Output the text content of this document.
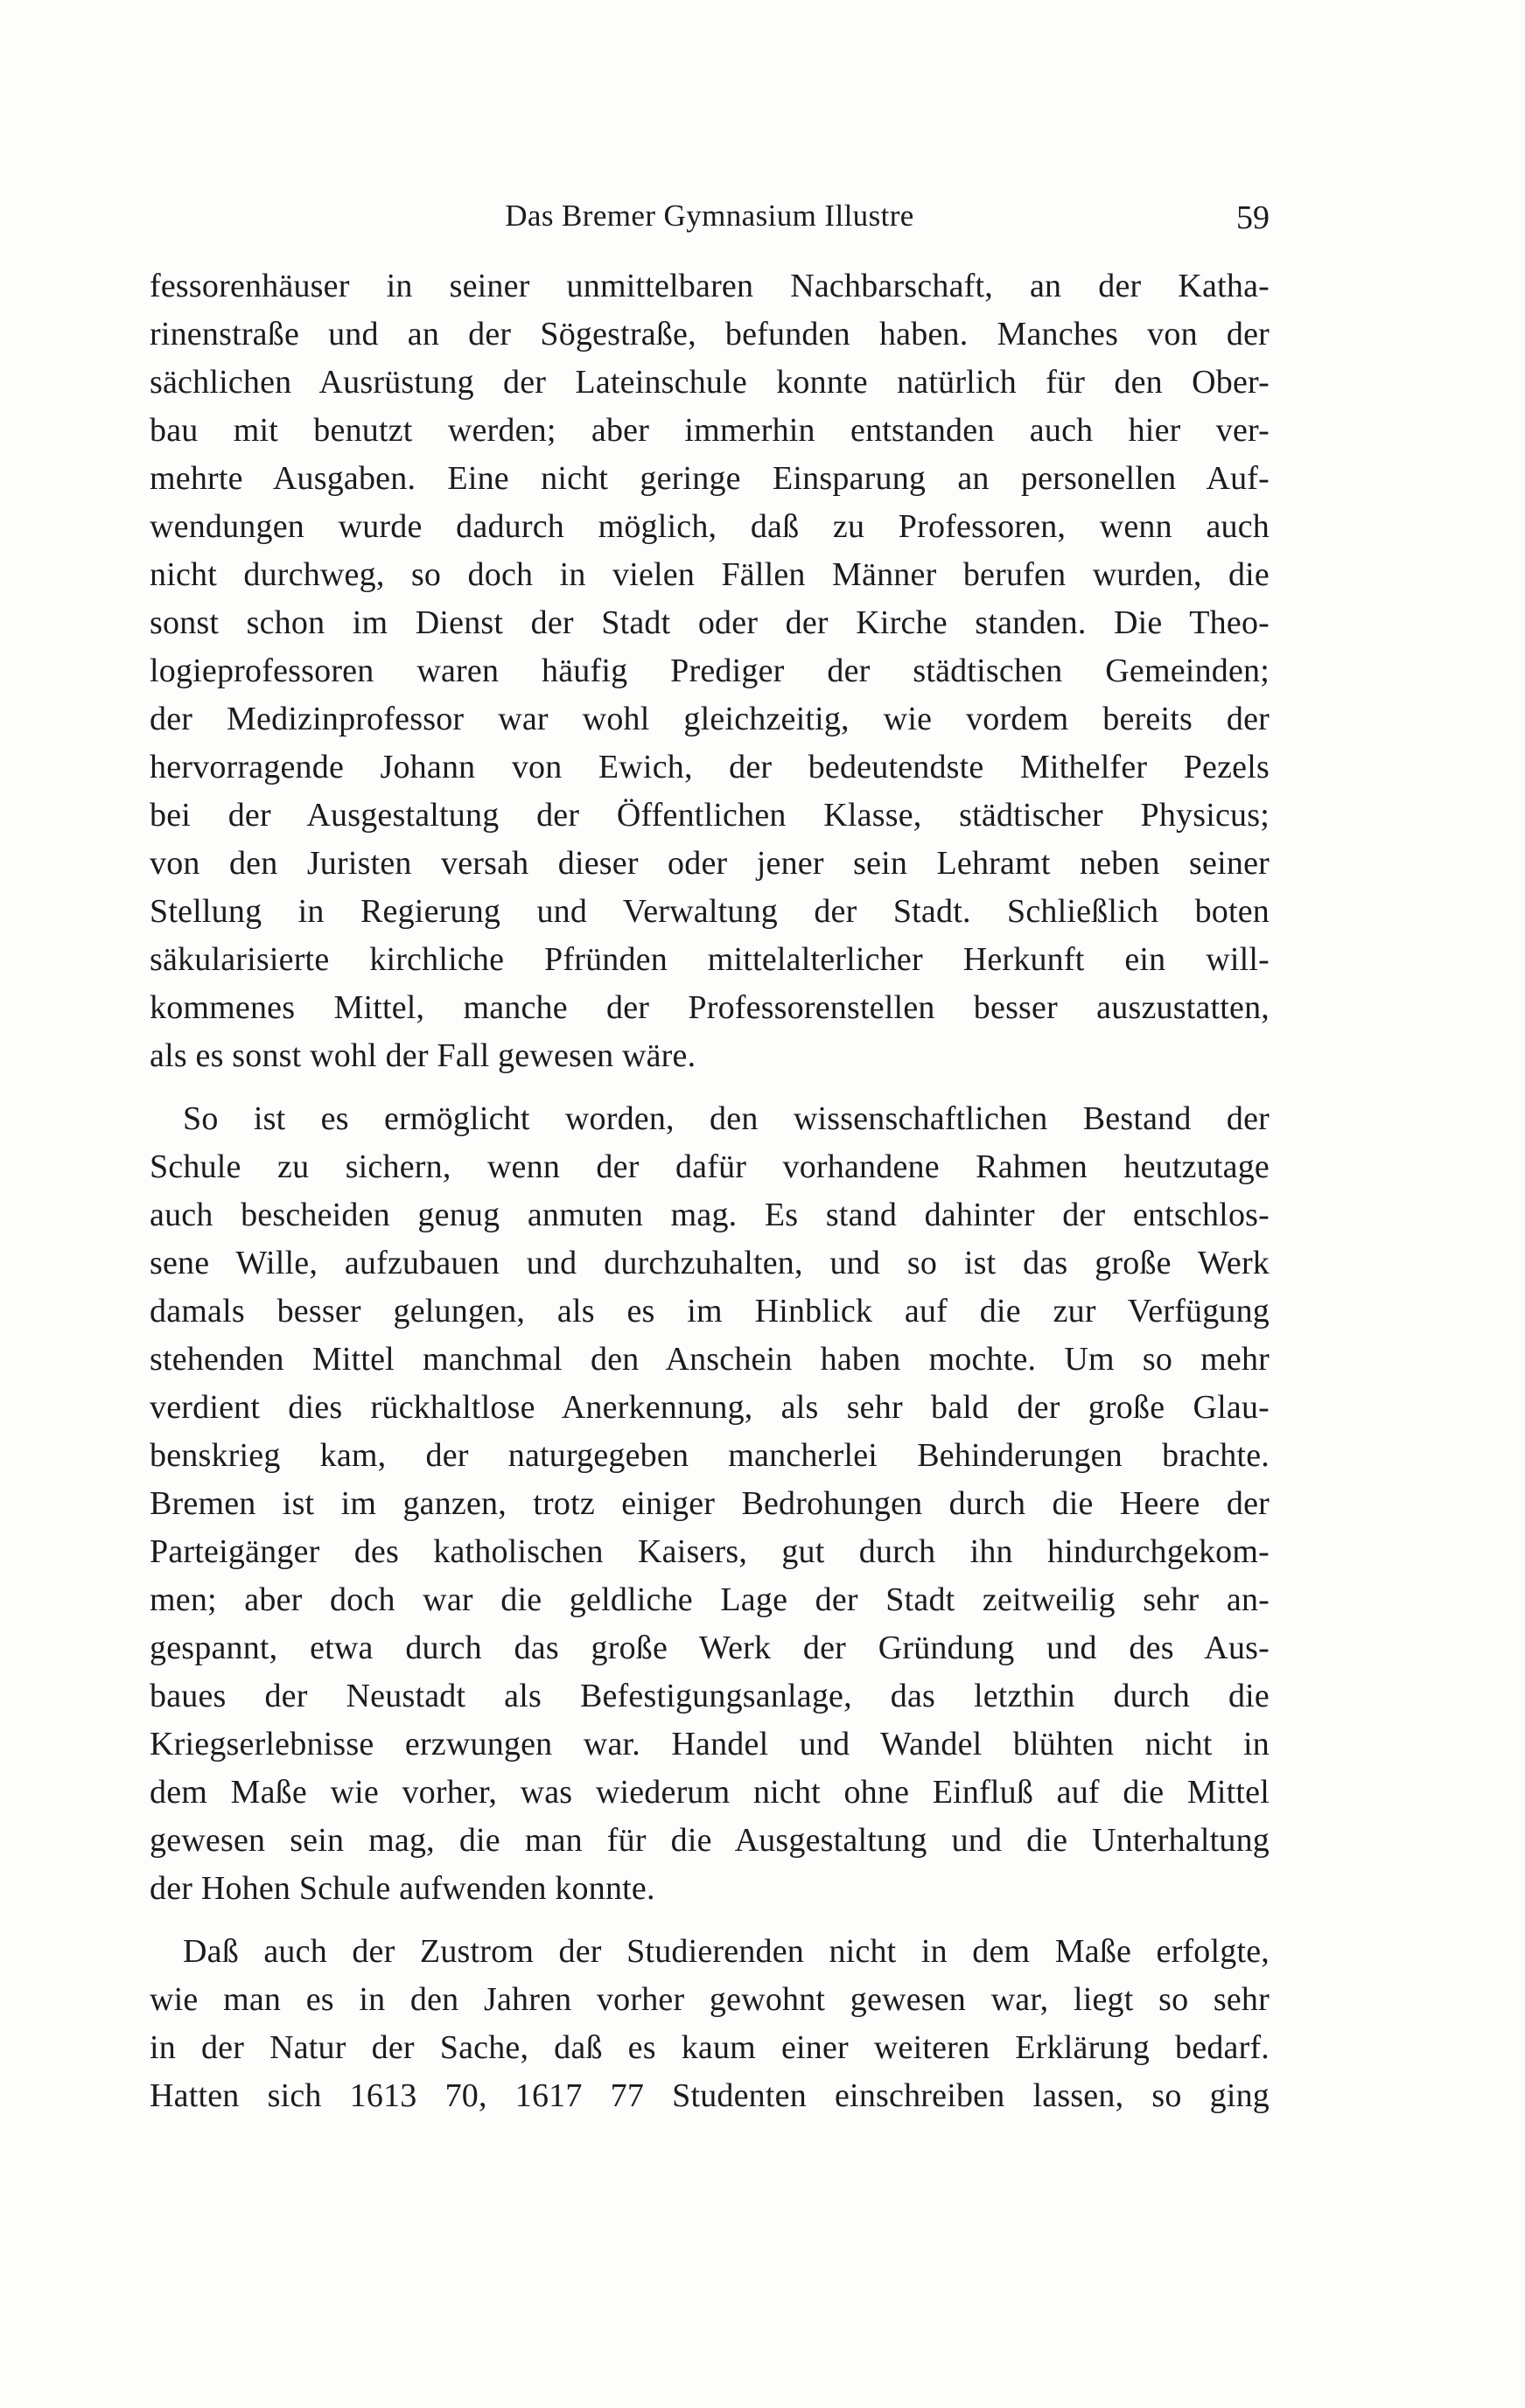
Das Bremer Gymnasium Illustre	59
fessorenhäuser in seiner unmittelbaren Nachbarschaft, an der Katha-
rinenstraße und an der Sögestraße, befunden haben. Manches von der
sächlichen Ausrüstung der Lateinschule konnte natürlich für den Ober-
bau mit benutzt werden; aber immerhin entstanden auch hier ver-
mehrte Ausgaben. Eine nicht geringe Einsparung an personellen Auf-
wendungen wurde dadurch möglich, daß zu Professoren, wenn auch
nicht durchweg, so doch in vielen Fällen Männer berufen wurden, die
sonst schon im Dienst der Stadt oder der Kirche standen. Die Theo-
logieprofessoren waren häufig Prediger der städtischen Gemeinden;
der Medizinprofessor war wohl gleichzeitig, wie vordem bereits der
hervorragende Johann von Ewich, der bedeutendste Mithelfer Pezels
bei der Ausgestaltung der Öffentlichen Klasse, städtischer Physicus;
von den Juristen versah dieser oder jener sein Lehramt neben seiner
Stellung in Regierung und Verwaltung der Stadt. Schließlich boten
säkularisierte kirchliche Pfründen mittelalterlicher Herkunft ein will-
kommenes Mittel, manche der Professorenstellen besser auszustatten,
als es sonst wohl der Fall gewesen wäre.
So ist es ermöglicht worden, den wissenschaftlichen Bestand der
Schule zu sichern, wenn der dafür vorhandene Rahmen heutzutage
auch bescheiden genug anmuten mag. Es stand dahinter der entschlos-
sene Wille, aufzubauen und durchzuhalten, und so ist das große Werk
damals besser gelungen, als es im Hinblick auf die zur Verfügung
stehenden Mittel manchmal den Anschein haben mochte. Um so mehr
verdient dies rückhaltlose Anerkennung, als sehr bald der große Glau-
benskrieg kam, der naturgegeben mancherlei Behinderungen brachte.
Bremen ist im ganzen, trotz einiger Bedrohungen durch die Heere der
Parteigänger des katholischen Kaisers, gut durch ihn hindurchgekom-
men; aber doch war die geldliche Lage der Stadt zeitweilig sehr an-
gespannt, etwa durch das große Werk der Gründung und des Aus-
baues der Neustadt als Befestigungsanlage, das letzthin durch die
Kriegserlebnisse erzwungen war. Handel und Wandel blühten nicht in
dem Maße wie vorher, was wiederum nicht ohne Einfluß auf die Mittel
gewesen sein mag, die man für die Ausgestaltung und die Unterhaltung
der Hohen Schule aufwenden konnte.
Daß auch der Zustrom der Studierenden nicht in dem Maße erfolgte,
wie man es in den Jahren vorher gewohnt gewesen war, liegt so sehr
in der Natur der Sache, daß es kaum einer weiteren Erklärung bedarf.
Hatten sich 1613 70, 1617 77 Studenten einschreiben lassen, so ging
